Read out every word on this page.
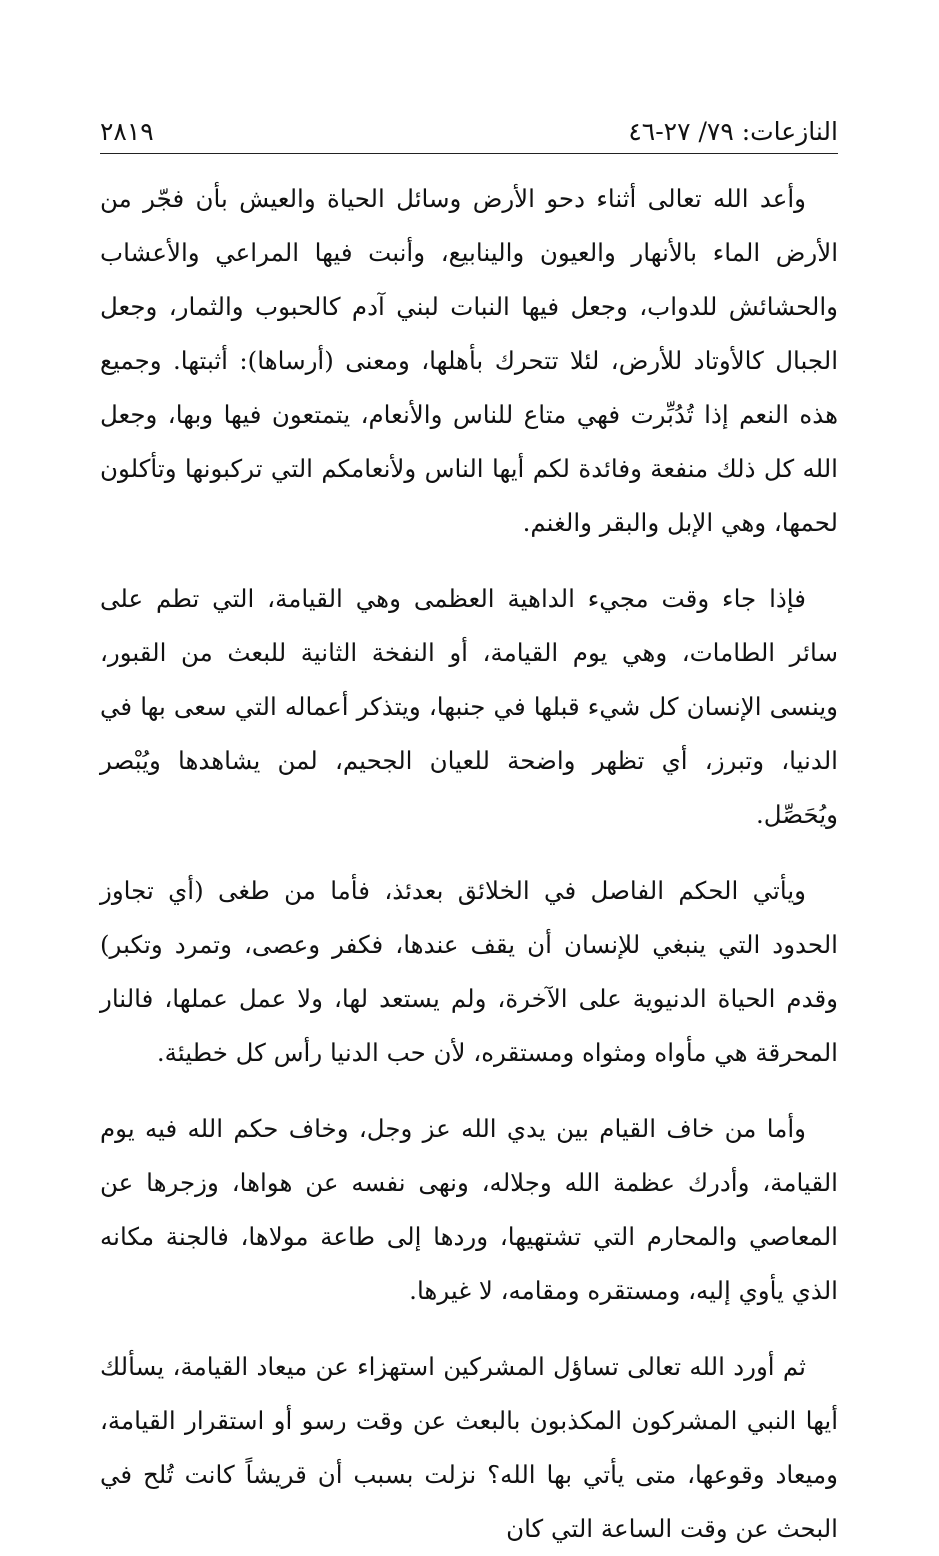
النازعات: ٧٩/ ٢٧-٤٦
٢٨١٩

وأعد الله تعالى أثناء دحو الأرض وسائل الحياة والعيش بأن فجّر من الأرض الماء بالأنهار والعيون والينابيع، وأنبت فيها المراعي والأعشاب والحشائش للدواب، وجعل فيها النبات لبني آدم كالحبوب والثمار، وجعل الجبال كالأوتاد للأرض، لئلا تتحرك بأهلها، ومعنى (أرساها): أثبتها. وجميع هذه النعم إذا تُدُبِّرت فهي متاع للناس والأنعام، يتمتعون فيها وبها، وجعل الله كل ذلك منفعة وفائدة لكم أيها الناس ولأنعامكم التي تركبونها وتأكلون لحمها، وهي الإبل والبقر والغنم.

فإذا جاء وقت مجيء الداهية العظمى وهي القيامة، التي تطم على سائر الطامات، وهي يوم القيامة، أو النفخة الثانية للبعث من القبور، وينسى الإنسان كل شيء قبلها في جنبها، ويتذكر أعماله التي سعى بها في الدنيا، وتبرز، أي تظهر واضحة للعيان الجحيم، لمن يشاهدها ويُبْصر ويُحَصِّل.

ويأتي الحكم الفاصل في الخلائق بعدئذ، فأما من طغى (أي تجاوز الحدود التي ينبغي للإنسان أن يقف عندها، فكفر وعصى، وتمرد وتكبر) وقدم الحياة الدنيوية على الآخرة، ولم يستعد لها، ولا عمل عملها، فالنار المحرقة هي مأواه ومثواه ومستقره، لأن حب الدنيا رأس كل خطيئة.

وأما من خاف القيام بين يدي الله عز وجل، وخاف حكم الله فيه يوم القيامة، وأدرك عظمة الله وجلاله، ونهى نفسه عن هواها، وزجرها عن المعاصي والمحارم التي تشتهيها، وردها إلى طاعة مولاها، فالجنة مكانه الذي يأوي إليه، ومستقره ومقامه، لا غيرها.

ثم أورد الله تعالى تساؤل المشركين استهزاء عن ميعاد القيامة، يسألك أيها النبي المشركون المكذبون بالبعث عن وقت رسو أو استقرار القيامة، وميعاد وقوعها، متى يأتي بها الله؟ نزلت بسبب أن قريشاً كانت تُلح في البحث عن وقت الساعة التي كان
